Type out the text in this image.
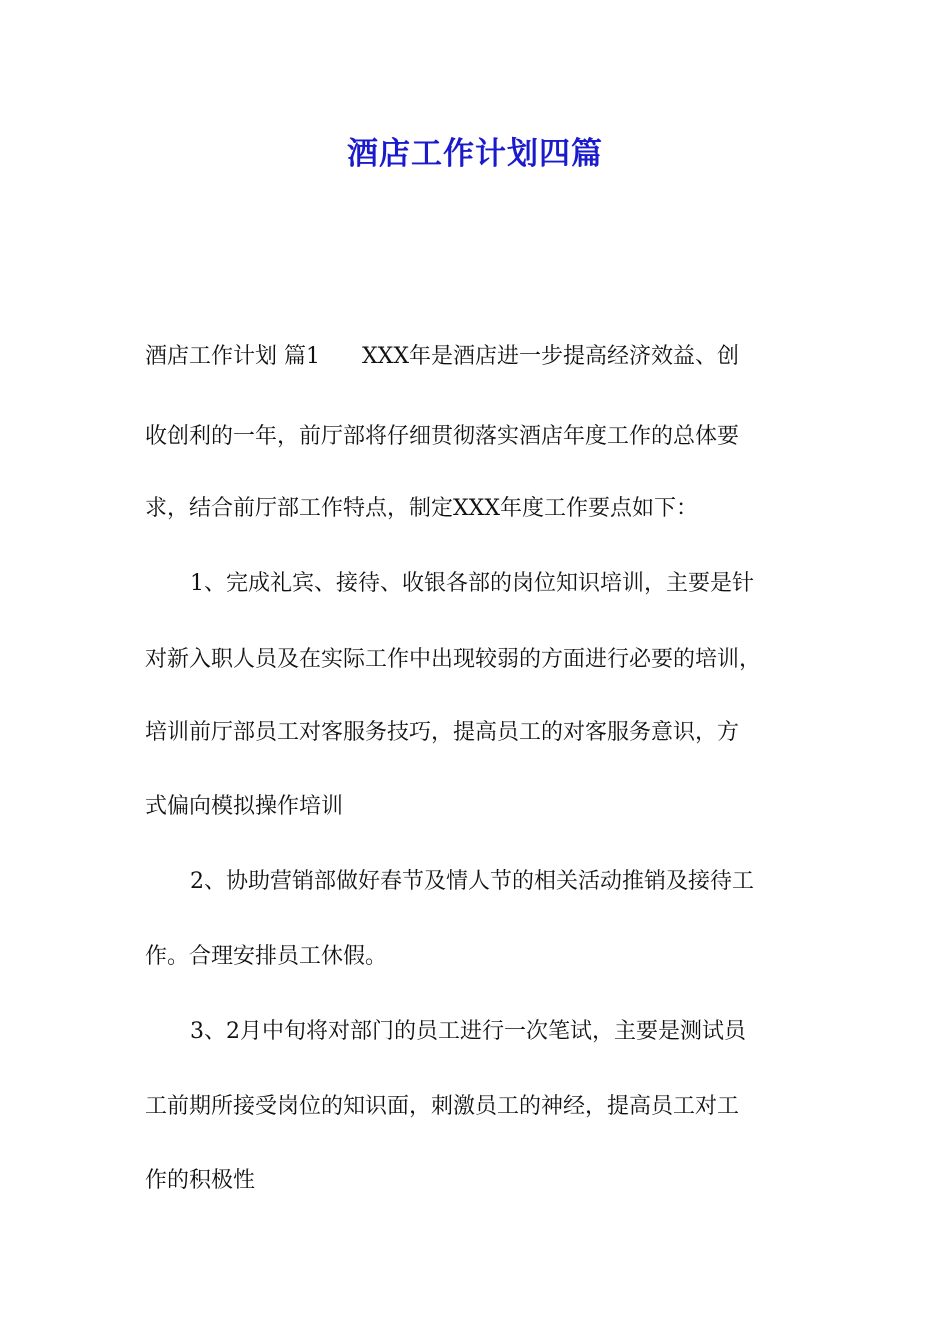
酒店工作计划四篇

酒店工作计划 篇1 XXX年是酒店进一步提高经济效益、创

收创利的一年，前厅部将仔细贯彻落实酒店年度工作的总体要

求，结合前厅部工作特点，制定XXX年度工作要点如下：

1、完成礼宾、接待、收银各部的岗位知识培训，主要是针

对新入职人员及在实际工作中出现较弱的方面进行必要的培训，

培训前厅部员工对客服务技巧，提高员工的对客服务意识，方

式偏向模拟操作培训

2、协助营销部做好春节及情人节的相关活动推销及接待工

作。合理安排员工休假。

3、2月中旬将对部门的员工进行一次笔试，主要是测试员

工前期所接受岗位的知识面，刺激员工的神经，提高员工对工

作的积极性
